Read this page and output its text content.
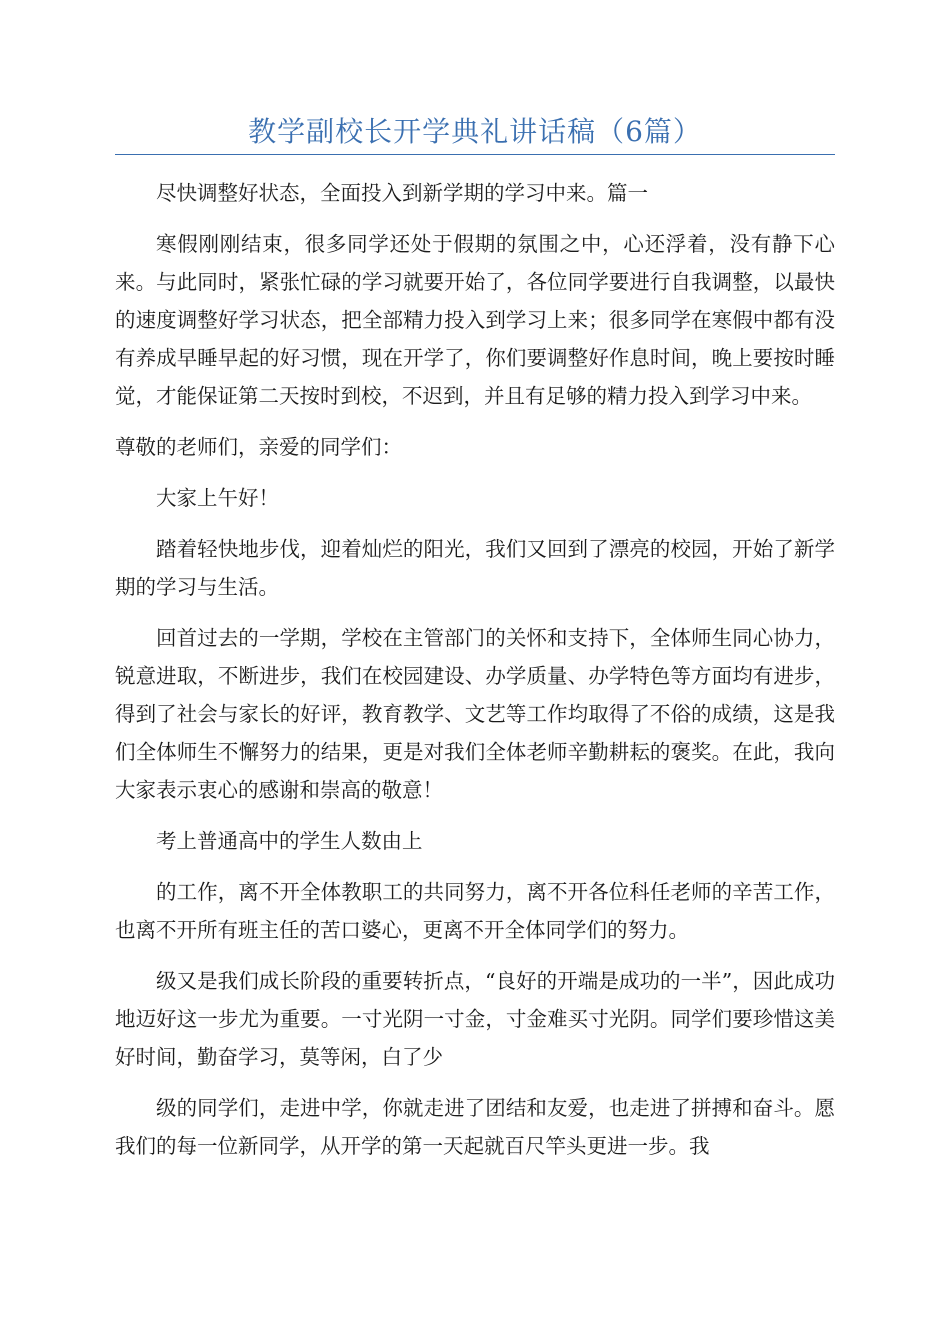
教学副校长开学典礼讲话稿（6篇）

尽快调整好状态，全面投入到新学期的学习中来。篇一

寒假刚刚结束，很多同学还处于假期的氛围之中，心还浮着，没有静下心来。与此同时，紧张忙碌的学习就要开始了，各位同学要进行自我调整，以最快的速度调整好学习状态，把全部精力投入到学习上来；很多同学在寒假中都有没有养成早睡早起的好习惯，现在开学了，你们要调整好作息时间，晚上要按时睡觉，才能保证第二天按时到校，不迟到，并且有足够的精力投入到学习中来。

尊敬的老师们，亲爱的同学们：

大家上午好！

踏着轻快地步伐，迎着灿烂的阳光，我们又回到了漂亮的校园，开始了新学期的学习与生活。

回首过去的一学期，学校在主管部门的关怀和支持下，全体师生同心协力，锐意进取，不断进步，我们在校园建设、办学质量、办学特色等方面均有进步，得到了社会与家长的好评，教育教学、文艺等工作均取得了不俗的成绩，这是我们全体师生不懈努力的结果，更是对我们全体老师辛勤耕耘的褒奖。在此，我向大家表示衷心的感谢和崇高的敬意！

考上普通高中的学生人数由上

的工作，离不开全体教职工的共同努力，离不开各位科任老师的辛苦工作，也离不开所有班主任的苦口婆心，更离不开全体同学们的努力。

级又是我们成长阶段的重要转折点，“良好的开端是成功的一半”，因此成功地迈好这一步尤为重要。一寸光阴一寸金，寸金难买寸光阴。同学们要珍惜这美好时间，勤奋学习，莫等闲，白了少

级的同学们，走进中学，你就走进了团结和友爱，也走进了拼搏和奋斗。愿我们的每一位新同学，从开学的第一天起就百尺竿头更进一步。我
